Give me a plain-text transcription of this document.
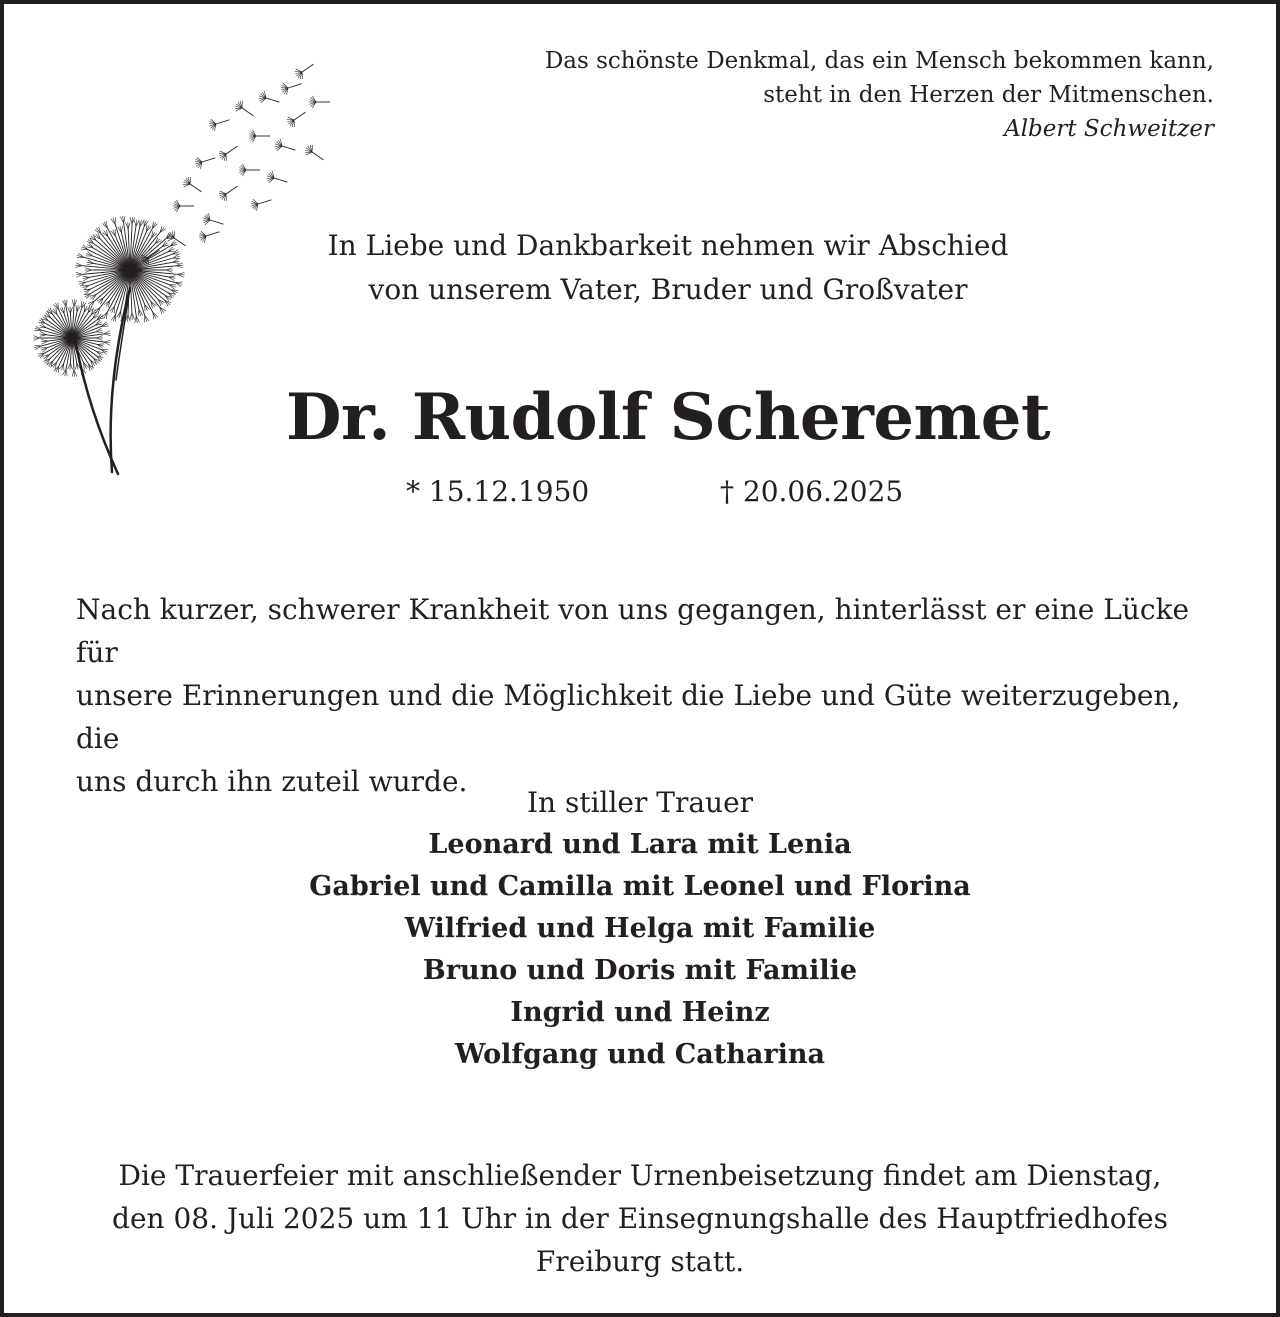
Das schönste Denkmal, das ein Mensch bekommen kann,
steht in den Herzen der Mitmenschen.
Albert Schweitzer
In Liebe und Dankbarkeit nehmen wir Abschied
von unserem Vater, Bruder und Großvater
Dr. Rudolf Scheremet
* 15.12.1950	† 20.06.2025
Nach kurzer, schwerer Krankheit von uns gegangen, hinterlässt er eine Lücke für
unsere Erinnerungen und die Möglichkeit die Liebe und Güte weiterzugeben, die
uns durch ihn zuteil wurde.
In stiller Trauer
Leonard und Lara mit Lenia
Gabriel und Camilla mit Leonel und Florina
Wilfried und Helga mit Familie
Bruno und Doris mit Familie
Ingrid und Heinz
Wolfgang und Catharina
Die Trauerfeier mit anschließender Urnenbeisetzung findet am Dienstag,
den 08. Juli 2025 um 11 Uhr in der Einsegnungshalle des Hauptfriedhofes
Freiburg statt.
